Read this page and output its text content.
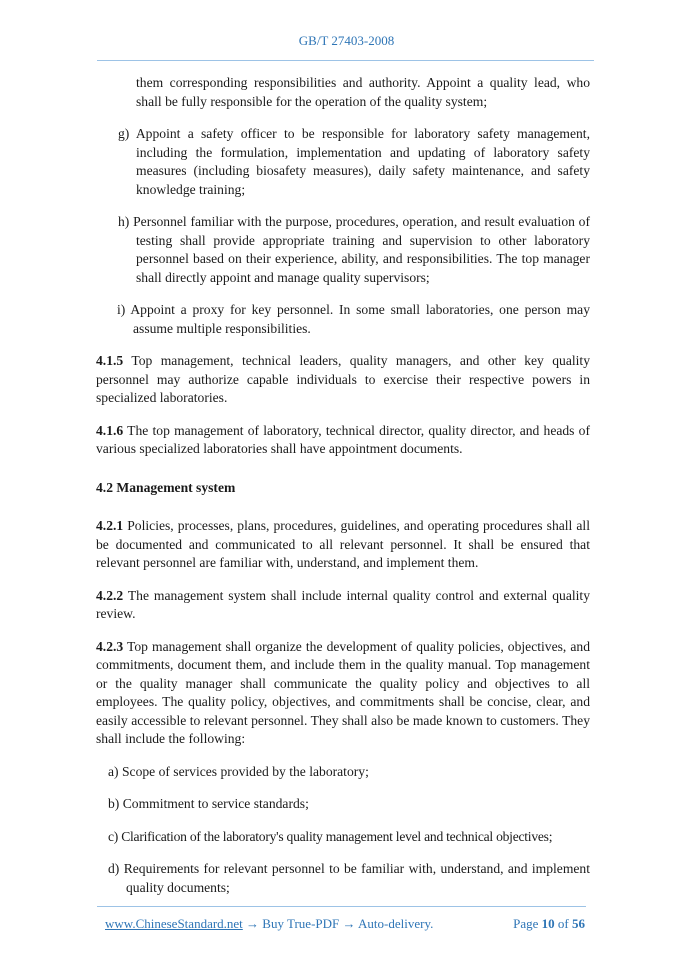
GB/T 27403-2008

them corresponding responsibilities and authority. Appoint a quality lead, who shall be fully responsible for the operation of the quality system;

g) Appoint a safety officer to be responsible for laboratory safety management, including the formulation, implementation and updating of laboratory safety measures (including biosafety measures), daily safety maintenance, and safety knowledge training;

h) Personnel familiar with the purpose, procedures, operation, and result evaluation of testing shall provide appropriate training and supervision to other laboratory personnel based on their experience, ability, and responsibilities. The top manager shall directly appoint and manage quality supervisors;

i) Appoint a proxy for key personnel. In some small laboratories, one person may assume multiple responsibilities.

4.1.5 Top management, technical leaders, quality managers, and other key quality personnel may authorize capable individuals to exercise their respective powers in specialized laboratories.

4.1.6 The top management of laboratory, technical director, quality director, and heads of various specialized laboratories shall have appointment documents.

4.2 Management system

4.2.1 Policies, processes, plans, procedures, guidelines, and operating procedures shall all be documented and communicated to all relevant personnel. It shall be ensured that relevant personnel are familiar with, understand, and implement them.

4.2.2 The management system shall include internal quality control and external quality review.

4.2.3 Top management shall organize the development of quality policies, objectives, and commitments, document them, and include them in the quality manual. Top management or the quality manager shall communicate the quality policy and objectives to all employees. The quality policy, objectives, and commitments shall be concise, clear, and easily accessible to relevant personnel. They shall also be made known to customers. They shall include the following:

a) Scope of services provided by the laboratory;

b) Commitment to service standards;

c) Clarification of the laboratory's quality management level and technical objectives;

d) Requirements for relevant personnel to be familiar with, understand, and implement quality documents;

www.ChineseStandard.net → Buy True-PDF → Auto-delivery.	Page 10 of 56
